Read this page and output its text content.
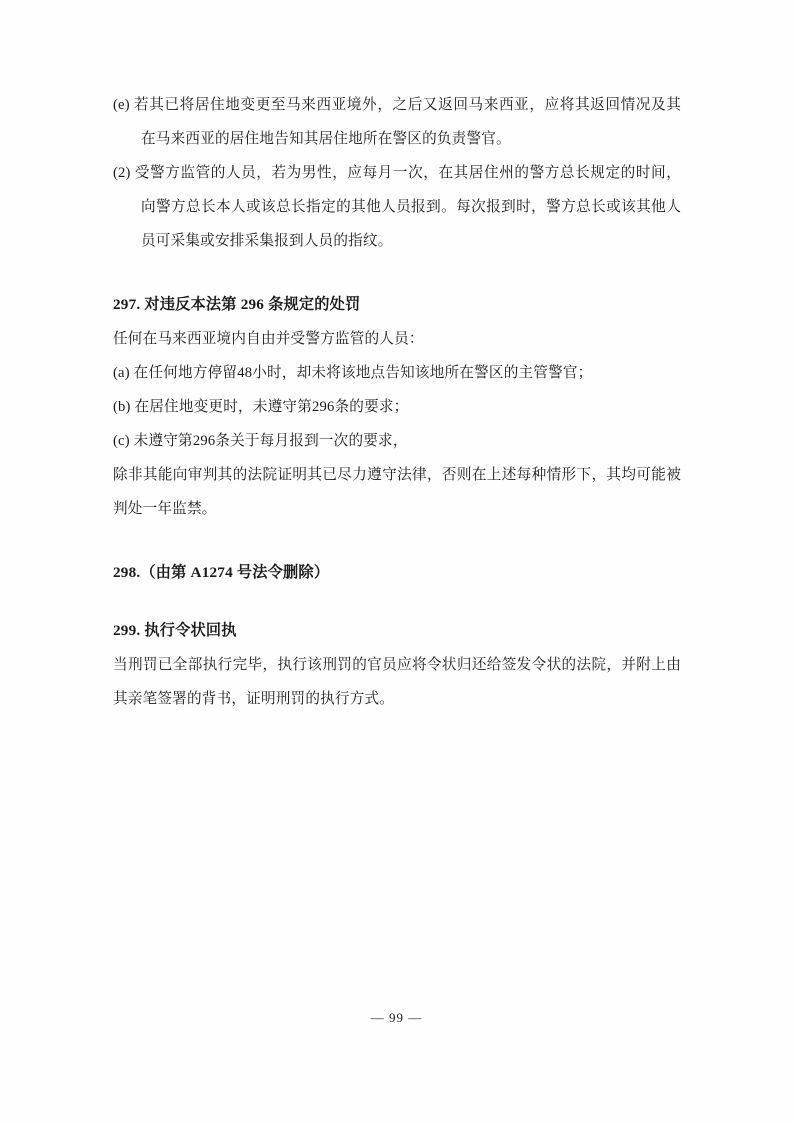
(e) 若其已将居住地变更至马来西亚境外，之后又返回马来西亚，应将其返回情况及其在马来西亚的居住地告知其居住地所在警区的负责警官。

(2) 受警方监管的人员，若为男性，应每月一次，在其居住州的警方总长规定的时间，向警方总长本人或该总长指定的其他人员报到。每次报到时，警方总长或该其他人员可采集或安排采集报到人员的指纹。

297. 对违反本法第 296 条规定的处罚

任何在马来西亚境内自由并受警方监管的人员：

(a) 在任何地方停留48小时，却未将该地点告知该地所在警区的主管警官；

(b) 在居住地变更时，未遵守第296条的要求；

(c) 未遵守第296条关于每月报到一次的要求，

除非其能向审判其的法院证明其已尽力遵守法律，否则在上述每种情形下，其均可能被判处一年监禁。

298.（由第 A1274 号法令删除）
299. 执行令状回执

当刑罚已全部执行完毕，执行该刑罚的官员应将令状归还给签发令状的法院，并附上由其亲笔签署的背书，证明刑罚的执行方式。

— 99 —
